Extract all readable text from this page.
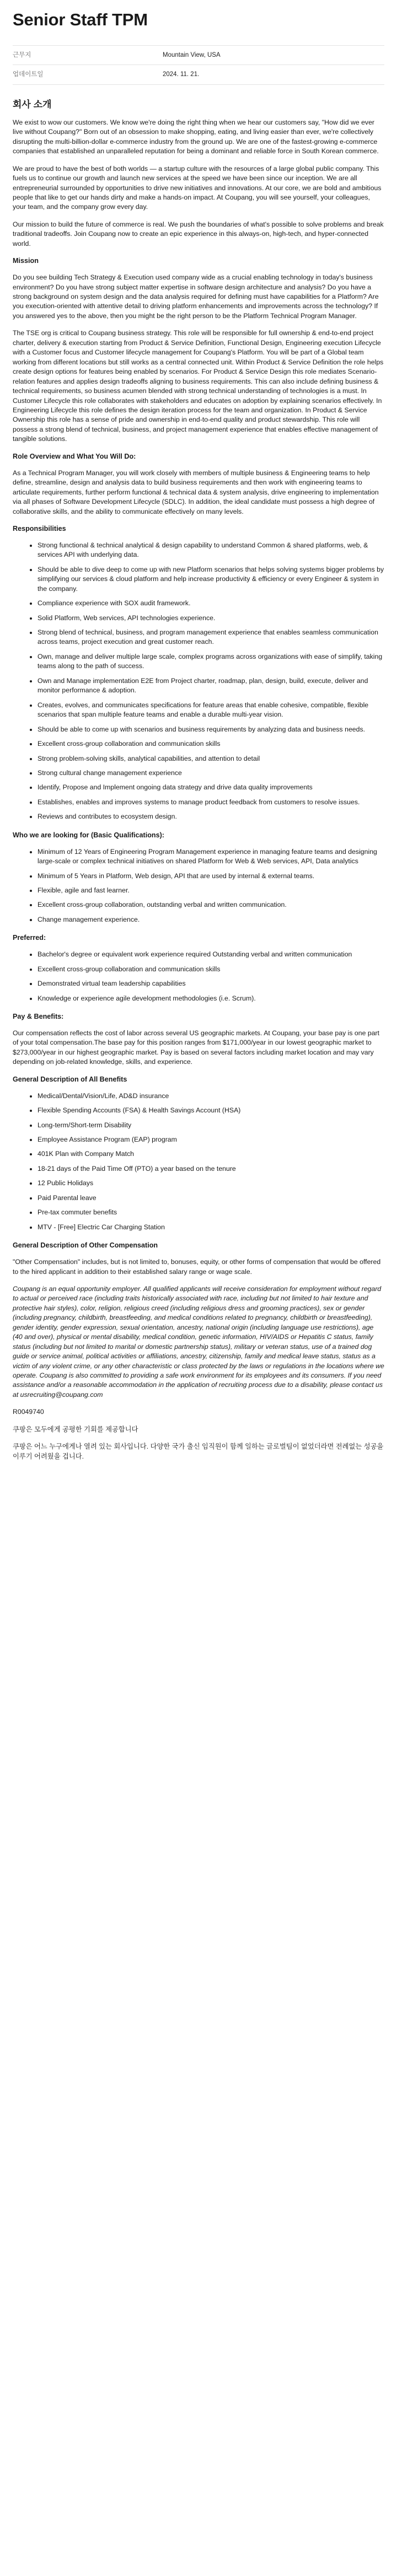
Senior Staff TPM
근무지	Mountain View, USA
업데이트일	2024. 11. 21.
회사 소개

We exist to wow our customers. We know we're doing the right thing when we hear our customers say, "How did we ever live without Coupang?" Born out of an obsession to make shopping, eating, and living easier than ever, we're collectively disrupting the multi-billion-dollar e-commerce industry from the ground up. We are one of the fastest-growing e-commerce companies that established an unparalleled reputation for being a dominant and reliable force in South Korean commerce.

We are proud to have the best of both worlds — a startup culture with the resources of a large global public company. This fuels us to continue our growth and launch new services at the speed we have been since our inception. We are all entrepreneurial surrounded by opportunities to drive new initiatives and innovations. At our core, we are bold and ambitious people that like to get our hands dirty and make a hands-on impact. At Coupang, you will see yourself, your colleagues, your team, and the company grow every day.

Our mission to build the future of commerce is real. We push the boundaries of what's possible to solve problems and break traditional tradeoffs. Join Coupang now to create an epic experience in this always-on, high-tech, and hyper-connected world.

Mission

Do you see building Tech Strategy & Execution used company wide as a crucial enabling technology in today's business environment? Do you have strong subject matter expertise in software design architecture and analysis? Do you have a strong background on system design and the data analysis required for defining must have capabilities for a Platform? Are you execution-oriented with attentive detail to driving platform enhancements and improvements across the technology? If you answered yes to the above, then you might be the right person to be the Platform Technical Program Manager.

The TSE org is critical to Coupang business strategy. This role will be responsible for full ownership & end-to-end project charter, delivery & execution starting from Product & Service Definition, Functional Design, Engineering execution Lifecycle with a Customer focus and Customer lifecycle management for Coupang's Platform. You will be part of a Global team working from different locations but still works as a central connected unit. Within Product & Service Definition the role helps create design options for features being enabled by scenarios. For Product & Service Design this role mediates Scenario-relation features and applies design tradeoffs aligning to business requirements. This can also include defining business & technical requirements, so business acumen blended with strong technical understanding of technologies is a must. In Customer Lifecycle this role collaborates with stakeholders and educates on adoption by explaining scenarios effectively. In Engineering Lifecycle this role defines the design iteration process for the team and organization. In Product & Service Ownership this role has a sense of pride and ownership in end-to-end quality and product stewardship. This role will possess a strong blend of technical, business, and project management experience that enables effective management of tangible solutions.

Role Overview and What You Will Do:

As a Technical Program Manager, you will work closely with members of multiple business & Engineering teams to help define, streamline, design and analysis data to build business requirements and then work with engineering teams to articulate requirements, further perform functional & technical data & system analysis, drive engineering to implementation via all phases of Software Development Lifecycle (SDLC). In addition, the ideal candidate must possess a high degree of collaborative skills, and the ability to communicate effectively on many levels.

Responsibilities
• Strong functional & technical analytical & design capability to understand Common & shared platforms, web, & services API with underlying data.
• Should be able to dive deep to come up with new Platform scenarios that helps solving systems bigger problems by simplifying our services & cloud platform and help increase productivity & efficiency or every Engineer & system in the company.
• Compliance experience with SOX audit framework.
• Solid Platform, Web services, API technologies experience.
• Strong blend of technical, business, and program management experience that enables seamless communication across teams, project execution and great customer reach.
• Own, manage and deliver multiple large scale, complex programs across organizations with ease of simplify, taking teams along to the path of success.
• Own and Manage implementation E2E from Project charter, roadmap, plan, design, build, execute, deliver and monitor performance & adoption.
• Creates, evolves, and communicates specifications for feature areas that enable cohesive, compatible, flexible scenarios that span multiple feature teams and enable a durable multi-year vision.
• Should be able to come up with scenarios and business requirements by analyzing data and business needs.
• Excellent cross-group collaboration and communication skills
• Strong problem-solving skills, analytical capabilities, and attention to detail
• Strong cultural change management experience
• Identify, Propose and Implement ongoing data strategy and drive data quality improvements
• Establishes, enables and improves systems to manage product feedback from customers to resolve issues.
• Reviews and contributes to ecosystem design.
Who we are looking for (Basic Qualifications):
• Minimum of 12 Years of Engineering Program Management experience in managing feature teams and designing large-scale or complex technical initiatives on shared Platform for Web & Web services, API, Data analytics
• Minimum of 5 Years in Platform, Web design, API that are used by internal & external teams.
• Flexible, agile and fast learner.
• Excellent cross-group collaboration, outstanding verbal and written communication.
• Change management experience.
Preferred:
• Bachelor's degree or equivalent work experience required Outstanding verbal and written communication
• Excellent cross-group collaboration and communication skills
• Demonstrated virtual team leadership capabilities
• Knowledge or experience agile development methodologies (i.e. Scrum).
Pay & Benefits:

Our compensation reflects the cost of labor across several US geographic markets. At Coupang, your base pay is one part of your total compensation.The base pay for this position ranges from $171,000/year in our lowest geographic market to $273,000/year in our highest geographic market. Pay is based on several factors including market location and may vary depending on job-related knowledge, skills, and experience.

General Description of All Benefits
• Medical/Dental/Vision/Life, AD&D insurance
• Flexible Spending Accounts (FSA) & Health Savings Account (HSA)
• Long-term/Short-term Disability
• Employee Assistance Program (EAP) program
• 401K Plan with Company Match
• 18-21 days of the Paid Time Off (PTO) a year based on the tenure
• 12 Public Holidays
• Paid Parental leave
• Pre-tax commuter benefits
• MTV - [Free] Electric Car Charging Station
General Description of Other Compensation

"Other Compensation" includes, but is not limited to, bonuses, equity, or other forms of compensation that would be offered to the hired applicant in addition to their established salary range or wage scale.

Coupang is an equal opportunity employer. All qualified applicants will receive consideration for employment without regard to actual or perceived race (including traits historically associated with race, including but not limited to hair texture and protective hair styles), color, religion, religious creed (including religious dress and grooming practices), sex or gender (including pregnancy, childbirth, breastfeeding, and medical conditions related to pregnancy, childbirth or breastfeeding), gender identity, gender expression, sexual orientation, ancestry, national origin (including language use restrictions), age (40 and over), physical or mental disability, medical condition, genetic information, HIV/AIDS or Hepatitis C status, family status (including but not limited to marital or domestic partnership status), military or veteran status, use of a trained dog guide or service animal, political activities or affiliations, ancestry, citizenship, family and medical leave status, status as a victim of any violent crime, or any other characteristic or class protected by the laws or regulations in the locations where we operate. Coupang is also committed to providing a safe work environment for its employees and its consumers. If you need assistance and/or a reasonable accommodation in the application of recruiting process due to a disability, please contact us at usrecruiting@coupang.com

R0049740

쿠팡은 모두에게 공평한 기회를 제공합니다

쿠팡은 어느 누구에게나 열려 있는 회사입니다. 다양한 국가 출신 임직원이 함께 일하는 글로벌팀이 없었더라면 전례없는 성공을 이루기 어려웠을 겁니다.
